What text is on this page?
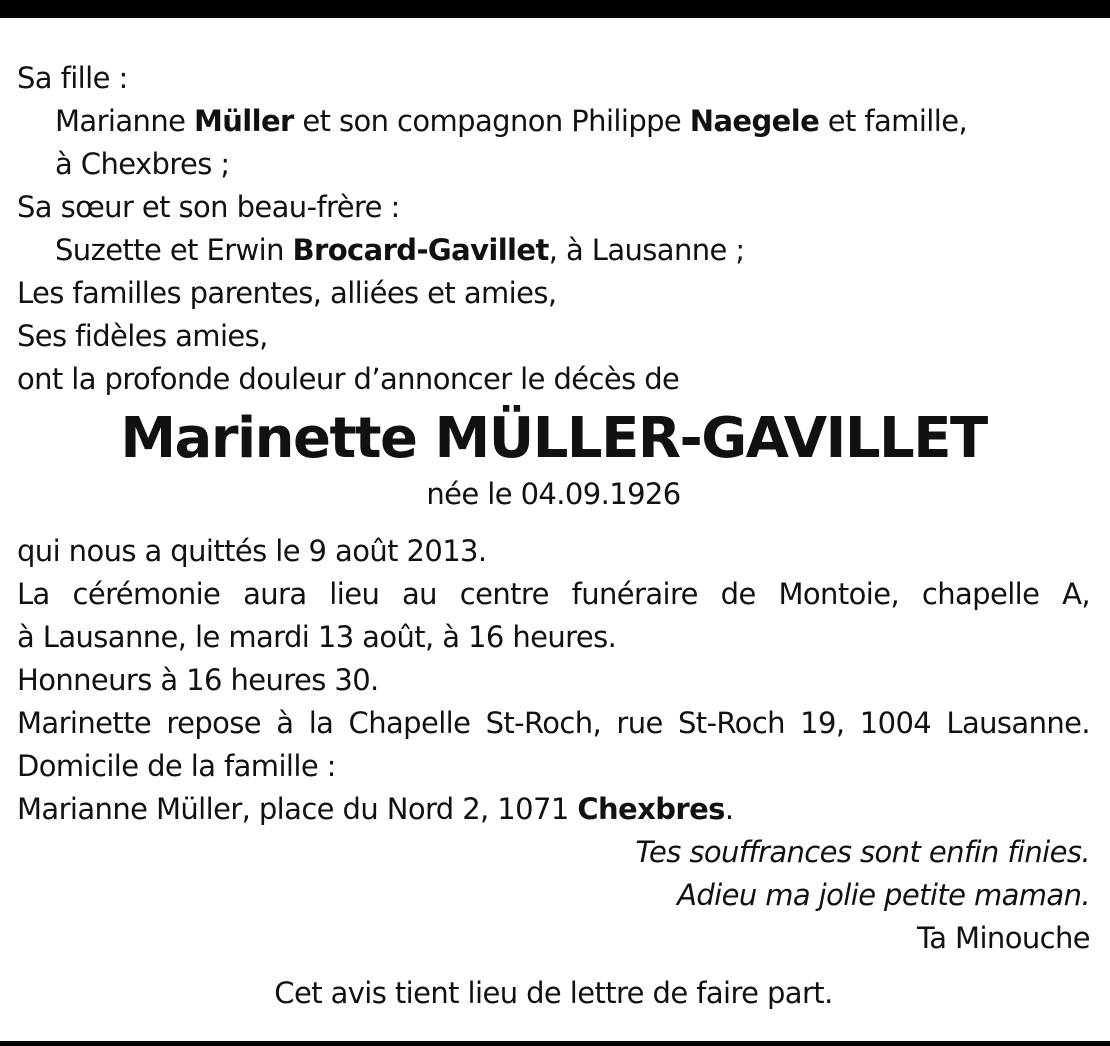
Sa fille :
Marianne Müller et son compagnon Philippe Naegele et famille,
à Chexbres ;
Sa sœur et son beau-frère :
Suzette et Erwin Brocard-Gavillet, à Lausanne ;
Les familles parentes, alliées et amies,
Ses fidèles amies,
ont la profonde douleur d’annoncer le décès de
Marinette MÜLLER-GAVILLET
née le 04.09.1926
qui nous a quittés le 9 août 2013.
La cérémonie aura lieu au centre funéraire de Montoie, chapelle A,
à Lausanne, le mardi 13 août, à 16 heures.
Honneurs à 16 heures 30.
Marinette repose à la Chapelle St-Roch, rue St-Roch 19, 1004 Lausanne.
Domicile de la famille :
Marianne Müller, place du Nord 2, 1071 Chexbres.
Tes souffrances sont enfin finies.
Adieu ma jolie petite maman.
Ta Minouche
Cet avis tient lieu de lettre de faire part.
